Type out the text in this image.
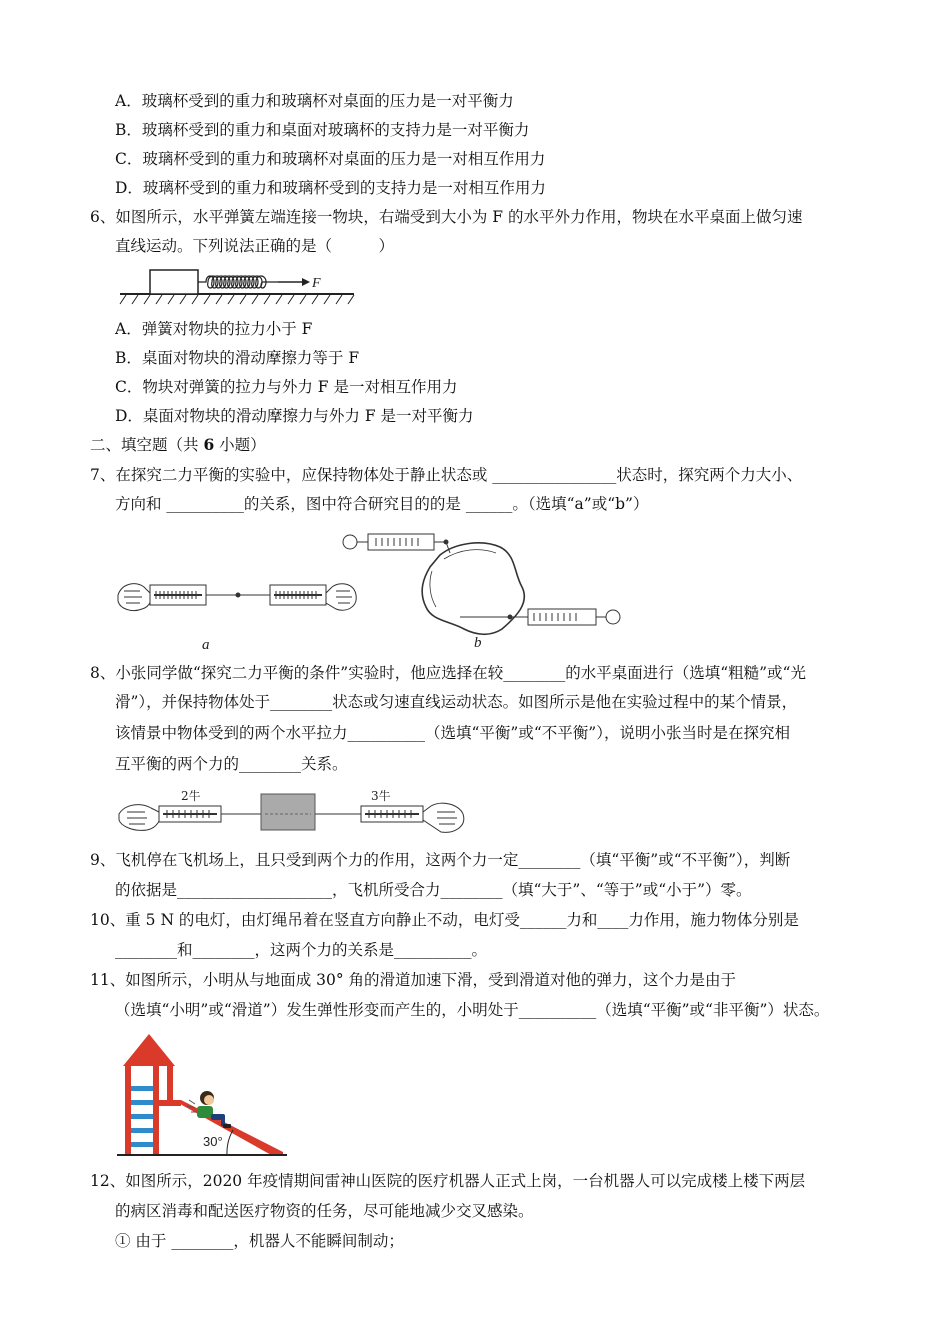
A．玻璃杯受到的重力和玻璃杯对桌面的压力是一对平衡力
B．玻璃杯受到的重力和桌面对玻璃杯的支持力是一对平衡力
C．玻璃杯受到的重力和玻璃杯对桌面的压力是一对相互作用力
D．玻璃杯受到的重力和玻璃杯受到的支持力是一对相互作用力
6、如图所示，水平弹簧左端连接一物块，右端受到大小为 F 的水平外力作用，物块在水平桌面上做匀速
直线运动。下列说法正确的是（　　　）
F
A．弹簧对物块的拉力小于 F
B．桌面对物块的滑动摩擦力等于 F
C．物块对弹簧的拉力与外力 F 是一对相互作用力
D．桌面对物块的滑动摩擦力与外力 F 是一对平衡力
二、填空题（共 6 小题）
7、在探究二力平衡的实验中，应保持物体处于静止状态或 ________________状态时，探究两个力大小、
方向和 __________的关系，图中符合研究目的的是 ______。（选填“a”或“b”）
a	b
8、小张同学做“探究二力平衡的条件”实验时，他应选择在较________的水平桌面进行（选填“粗糙”或“光
滑”），并保持物体处于________状态或匀速直线运动状态。如图所示是他在实验过程中的某个情景，
该情景中物体受到的两个水平拉力__________（选填“平衡”或“不平衡”），说明小张当时是在探究相
互平衡的两个力的________关系。
2牛	3牛
9、飞机停在飞机场上，且只受到两个力的作用，这两个力一定________（填“平衡”或“不平衡”），判断
的依据是____________________，飞机所受合力________（填“大于”、“等于”或“小于”）零。
10、重 5 N 的电灯，由灯绳吊着在竖直方向静止不动，电灯受______力和____力作用，施力物体分别是
________和________，这两个力的关系是__________。
11、如图所示，小明从与地面成 30° 角的滑道加速下滑，受到滑道对他的弹力，这个力是由于
（选填“小明”或“滑道”）发生弹性形变而产生的，小明处于__________（选填“平衡”或“非平衡”）状态。
30°
12、如图所示，2020 年疫情期间雷神山医院的医疗机器人正式上岗，一台机器人可以完成楼上楼下两层
的病区消毒和配送医疗物资的任务，尽可能地减少交叉感染。
① 由于 ________，机器人不能瞬间制动；
